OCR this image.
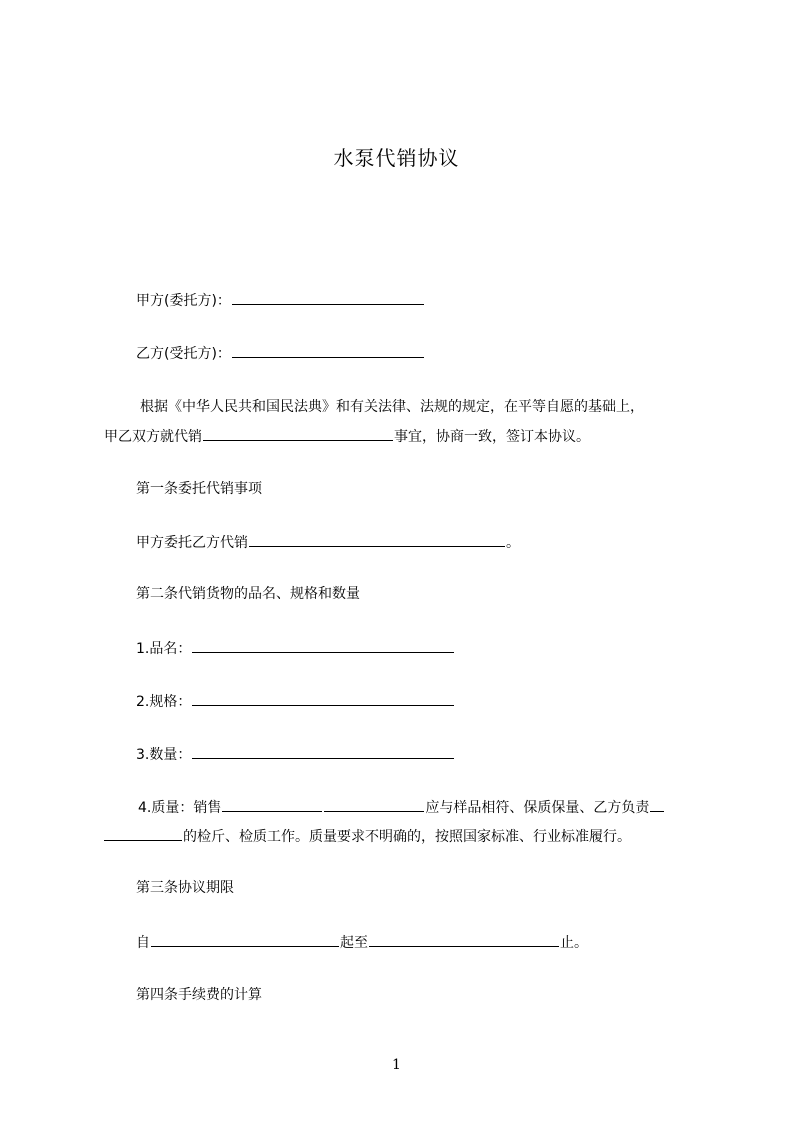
水泵代销协议
甲方(委托方)：
乙方(受托方)：
根据《中华人民共和国民法典》和有关法律、法规的规定，在平等自愿的基础上，
甲乙双方就代销	事宜，协商一致，签订本协议。
第一条委托代销事项
甲方委托乙方代销	。
第二条代销货物的品名、规格和数量
1.品名：
2.规格：
3.数量：
4.质量：销售	应与样品相符、保质保量、乙方负责
的检斤、检质工作。质量要求不明确的，按照国家标准、行业标准履行。
第三条协议期限
自	起至	止。
第四条手续费的计算
1
